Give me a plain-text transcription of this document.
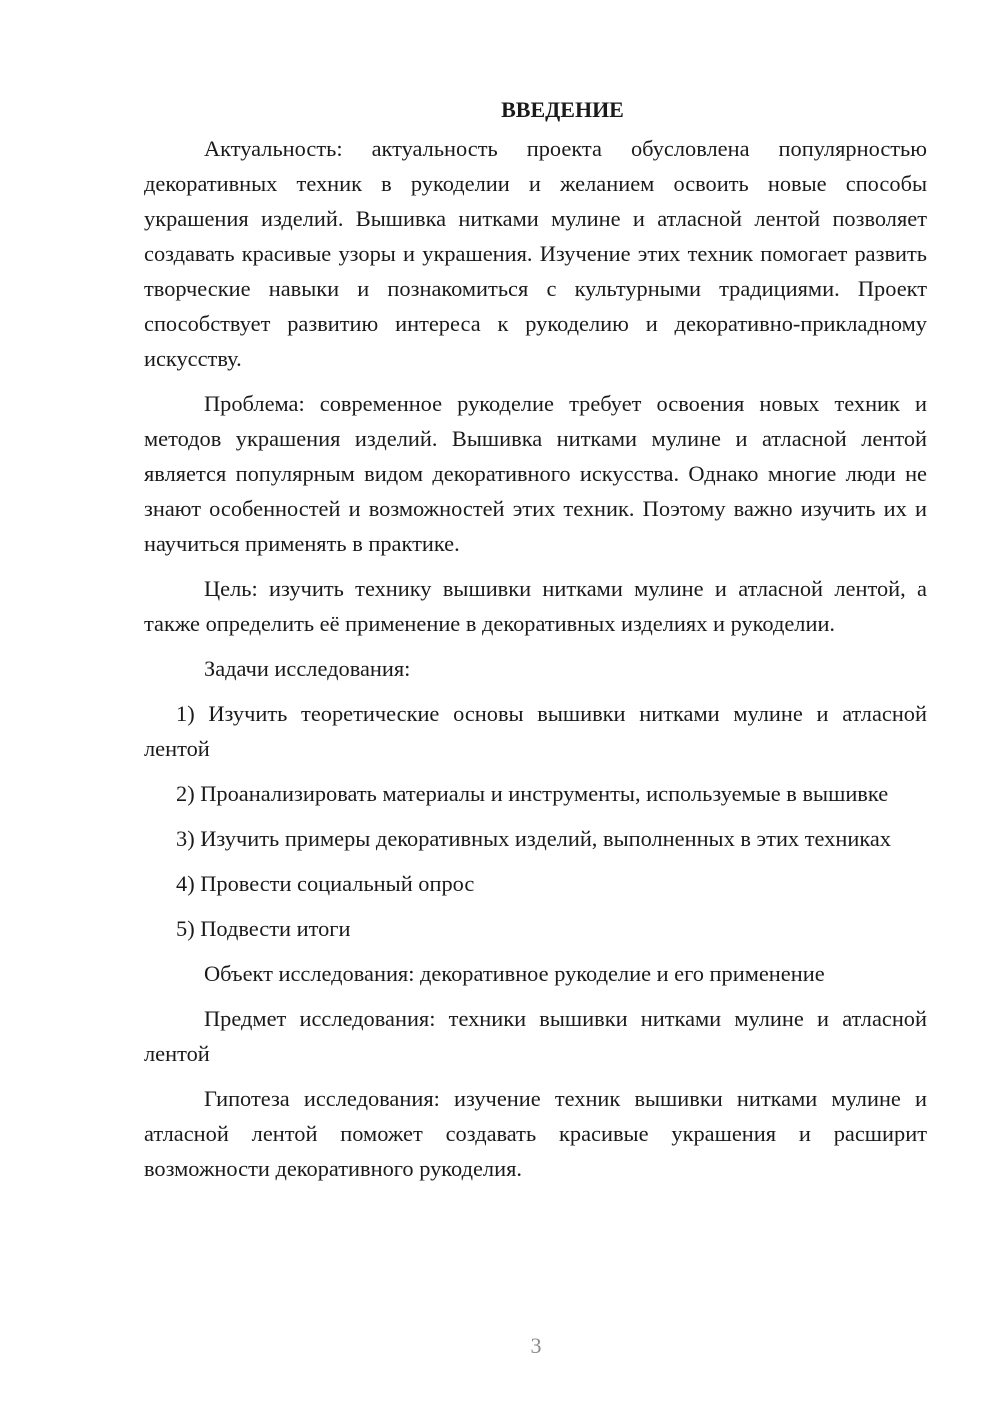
ВВЕДЕНИЕ

Актуальность: актуальность проекта обусловлена популярностью декоративных техник в рукоделии и желанием освоить новые способы украшения изделий. Вышивка нитками мулине и атласной лентой позволяет создавать красивые узоры и украшения. Изучение этих техник помогает развить творческие навыки и познакомиться с культурными традициями. Проект способствует развитию интереса к рукоделию и декоративно-прикладному искусству.

Проблема: современное рукоделие требует освоения новых техник и методов украшения изделий. Вышивка нитками мулине и атласной лентой является популярным видом декоративного искусства. Однако многие люди не знают особенностей и возможностей этих техник. Поэтому важно изучить их и научиться применять в практике.

Цель: изучить технику вышивки нитками мулине и атласной лентой, а также определить её применение в декоративных изделиях и рукоделии.

Задачи исследования:

1) Изучить теоретические основы вышивки нитками мулине и атласной лентой

2) Проанализировать материалы и инструменты, используемые в вышивке

3) Изучить примеры декоративных изделий, выполненных в этих техниках

4) Провести социальный опрос

5) Подвести итоги

Объект исследования: декоративное рукоделие и его применение

Предмет исследования: техники вышивки нитками мулине и атласной лентой

Гипотеза исследования: изучение техник вышивки нитками мулине и атласной лентой поможет создавать красивые украшения и расширит возможности декоративного рукоделия.

3
